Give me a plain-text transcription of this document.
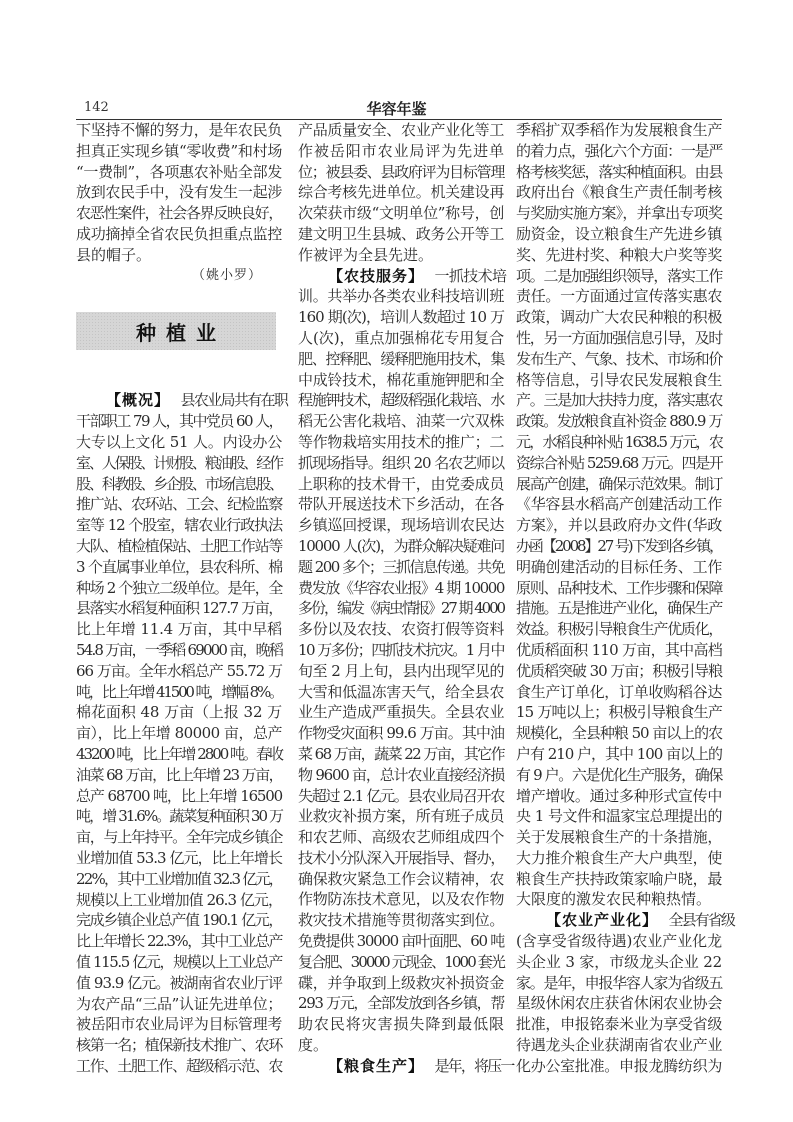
142	华容年鉴
下坚持不懈的努力，是年农民负
担真正实现乡镇“零收费”和村场
“一费制”，各项惠农补贴全部发
放到农民手中，没有发生一起涉
农恶性案件，社会各界反映良好，
成功摘掉全省农民负担重点监控
县的帽子。
（姚小罗）
种植业
【概况】 县农业局共有在职
干部职工 79 人，其中党员 60 人，
大专以上文化 51 人。内设办公
室、人保股、计财股、粮油股、经作
股、科教股、乡企股、市场信息股、
推广站、农环站、工会、纪检监察
室等 12 个股室，辖农业行政执法
大队、植检植保站、土肥工作站等
3 个直属事业单位，县农科所、棉
种场 2 个独立二级单位。是年，全
县落实水稻复种面积 127.7 万亩，
比上年增 11.4 万亩，其中早稻
54.8 万亩，一季稻 69000 亩，晚稻
66 万亩。全年水稻总产 55.72 万
吨，比上年增 41500 吨，增幅 8%。
棉花面积 48 万亩（上报 32 万
亩），比上年增 80000 亩，总产
43200 吨，比上年增 2800 吨。春收
油菜 68 万亩，比上年增 23 万亩，
总产 68700 吨，比上年增 16500
吨，增 31.6%。蔬菜复种面积 30 万
亩，与上年持平。全年完成乡镇企
业增加值 53.3 亿元，比上年增长
22%，其中工业增加值 32.3 亿元，
规模以上工业增加值 26.3 亿元，
完成乡镇企业总产值 190.1 亿元，
比上年增长 22.3%，其中工业总产
值 115.5 亿元，规模以上工业总产
值 93.9 亿元。被湖南省农业厅评
为农产品“三品”认证先进单位；
被岳阳市农业局评为目标管理考
核第一名；植保新技术推广、农环
工作、土肥工作、超级稻示范、农
产品质量安全、农业产业化等工
作被岳阳市农业局评为先进单
位；被县委、县政府评为目标管理
综合考核先进单位。机关建设再
次荣获市级“文明单位”称号，创
建文明卫生县城、政务公开等工
作被评为全县先进。
【农技服务】 一抓技术培
训。共举办各类农业科技培训班
160 期(次)，培训人数超过 10 万
人(次)，重点加强棉花专用复合
肥、控释肥、缓释肥施用技术，集
中成铃技术，棉花重施钾肥和全
程施钾技术，超级稻强化栽培、水
稻无公害化栽培、油菜一穴双株
等作物栽培实用技术的推广；二
抓现场指导。组织 20 名农艺师以
上职称的技术骨干，由党委成员
带队开展送技术下乡活动，在各
乡镇巡回授课，现场培训农民达
10000 人(次)，为群众解决疑难问
题 200 多个；三抓信息传递。共免
费发放《华容农业报》4 期 10000
多份，编发《病虫情报》27 期 4000
多份以及农技、农资打假等资料
10 万多份；四抓技术抗灾。1 月中
旬至 2 月上旬，县内出现罕见的
大雪和低温冻害天气，给全县农
业生产造成严重损失。全县农业
作物受灾面积 99.6 万亩。其中油
菜 68 万亩，蔬菜 22 万亩，其它作
物 9600 亩，总计农业直接经济损
失超过 2.1 亿元。县农业局召开农
业救灾补损方案，所有班子成员
和农艺师、高级农艺师组成四个
技术小分队深入开展指导、督办，
确保救灾紧急工作会议精神，农
作物防冻技术意见，以及农作物
救灾技术措施等贯彻落实到位。
免费提供 30000 亩叶面肥、60 吨
复合肥、30000 元现金、1000 套光
碟，并争取到上级救灾补损资金
293 万元，全部发放到各乡镇，帮
助农民将灾害损失降到最低限
度。
【粮食生产】 是年，将压一
季稻扩双季稻作为发展粮食生产
的着力点，强化六个方面：一是严
格考核奖惩，落实种植面积。由县
政府出台《粮食生产责任制考核
与奖励实施方案》，并拿出专项奖
励资金，设立粮食生产先进乡镇
奖、先进村奖、种粮大户奖等奖
项。二是加强组织领导，落实工作
责任。一方面通过宣传落实惠农
政策，调动广大农民种粮的积极
性，另一方面加强信息引导，及时
发布生产、气象、技术、市场和价
格等信息，引导农民发展粮食生
产。三是加大扶持力度，落实惠农
政策。发放粮食直补资金 880.9 万
元，水稻良种补贴 1638.5 万元，农
资综合补贴 5259.68 万元。四是开
展高产创建，确保示范效果。制订
《华容县水稻高产创建活动工作
方案》，并以县政府办文件(华政
办函【2008】27 号)下发到各乡镇，
明确创建活动的目标任务、工作
原则、品种技术、工作步骤和保障
措施。五是推进产业化，确保生产
效益。积极引导粮食生产优质化，
优质稻面积 110 万亩，其中高档
优质稻突破 30 万亩；积极引导粮
食生产订单化，订单收购稻谷达
15 万吨以上；积极引导粮食生产
规模化，全县种粮 50 亩以上的农
户有 210 户，其中 100 亩以上的
有 9 户。六是优化生产服务，确保
增产增收。通过多种形式宣传中
央 1 号文件和温家宝总理提出的
关于发展粮食生产的十条措施，
大力推介粮食生产大户典型，使
粮食生产扶持政策家喻户晓，最
大限度的激发农民种粮热情。
【农业产业化】 全县有省级
(含享受省级待遇)农业产业化龙
头企业 3 家，市级龙头企业 22
家。是年，申报华容人家为省级五
星级休闲农庄获省休闲农业协会
批准，申报铭泰米业为享受省级
待遇龙头企业获湖南省农业产业
化办公室批准。申报龙腾纺织为
